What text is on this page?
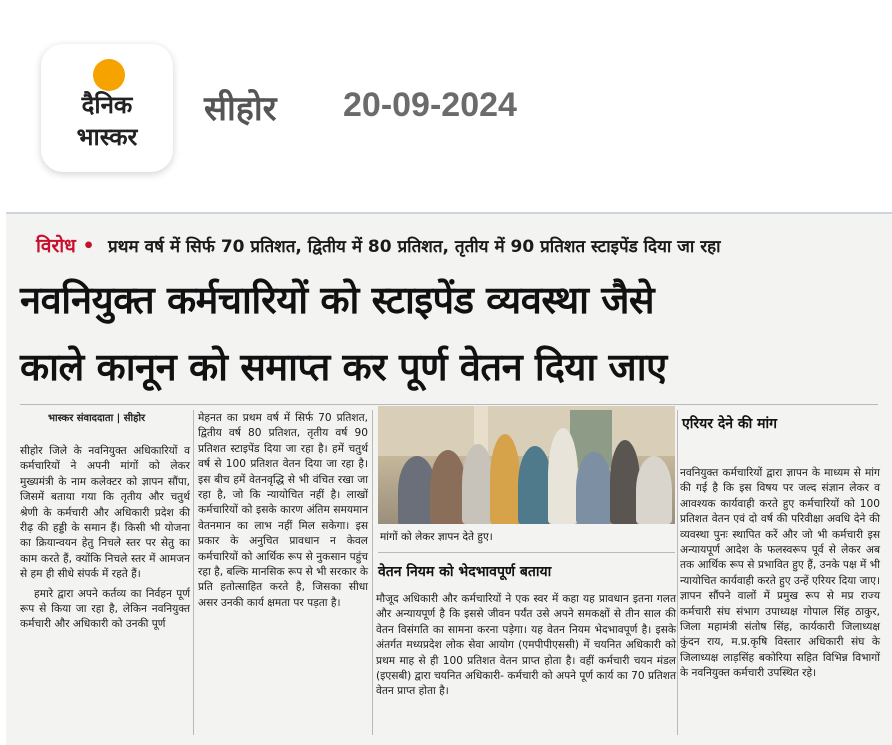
दैनिक
भास्कर
सीहोर 20-09-2024
विरोध • प्रथम वर्ष में सिर्फ 70 प्रतिशत, द्वितीय में 80 प्रतिशत, तृतीय में 90 प्रतिशत स्टाइपेंड दिया जा रहा
नवनियुक्त कर्मचारियों को स्टाइपेंड व्यवस्था जैसे
काले कानून को समाप्त कर पूर्ण वेतन दिया जाए
भास्कर संवाददाता | सीहोर

सीहोर जिले के नवनियुक्त अधिकारियों व कर्मचारियों ने अपनी मांगों को लेकर मुख्यमंत्री के नाम कलेक्टर को ज्ञापन सौंपा, जिसमें बताया गया कि तृतीय और चतुर्थ श्रेणी के कर्मचारी और अधिकारी प्रदेश की रीढ़ की हड्डी के समान हैं। किसी भी योजना का क्रियान्वयन हेतु निचले स्तर पर सेतु का काम करते हैं, क्योंकि निचले स्तर में आमजन से हम ही सीधे संपर्क में रहते हैं।

हमारे द्वारा अपने कर्तव्य का निर्वहन पूर्ण रूप से किया जा रहा है, लेकिन नवनियुक्त कर्मचारी और अधिकारी को उनकी पूर्ण

मेहनत का प्रथम वर्ष में सिर्फ 70 प्रतिशत, द्वितीय वर्ष 80 प्रतिशत, तृतीय वर्ष 90 प्रतिशत स्टाइपेंड दिया जा रहा है। हमें चतुर्थ वर्ष से 100 प्रतिशत वेतन दिया जा रहा है। इस बीच हमें वेतनवृद्धि से भी वंचित रखा जा रहा है, जो कि न्यायोचित नहीं है। लाखों कर्मचारियों को इसके कारण अंतिम समयमान वेतनमान का लाभ नहीं मिल सकेगा। इस प्रकार के अनुचित प्रावधान न केवल कर्मचारियों को आर्थिक रूप से नुकसान पहुंच रहा है, बल्कि मानसिक रूप से भी सरकार के प्रति हतोत्साहित करते है, जिसका सीधा असर उनकी कार्य क्षमता पर पड़ता है।

मांगों को लेकर ज्ञापन देते हुए।
वेतन नियम को भेदभावपूर्ण बताया

मौजूद अधिकारी और कर्मचारियों ने एक स्वर में कहा यह प्रावधान इतना गलत और अन्यायपूर्ण है कि इससे जीवन पर्यंत उसे अपने समकक्षों से तीन साल की वेतन विसंगति का सामना करना पड़ेगा। यह वेतन नियम भेदभावपूर्ण है। इसके अंतर्गत मध्यप्रदेश लोक सेवा आयोग (एमपीपीएससी) में चयनित अधिकारी को प्रथम माह से ही 100 प्रतिशत वेतन प्राप्त होता है। वहीं कर्मचारी चयन मंडल (इएसबी) द्वारा चयनित अधिकारी- कर्मचारी को अपने पूर्ण कार्य का 70 प्रतिशत वेतन प्राप्त होता है।

एरियर देने की मांग

नवनियुक्त कर्मचारियों द्वारा ज्ञापन के माध्यम से मांग की गई है कि इस विषय पर जल्द संज्ञान लेकर व आवश्यक कार्यवाही करते हुए कर्मचारियों को 100 प्रतिशत वेतन एवं दो वर्ष की परिवीक्षा अवधि देने की व्यवस्था पुनः स्थापित करें और जो भी कर्मचारी इस अन्यायपूर्ण आदेश के फलस्वरूप पूर्व से लेकर अब तक आर्थिक रूप से प्रभावित हुए हैं, उनके पक्ष में भी न्यायोचित कार्यवाही करते हुए उन्हें एरियर दिया जाए। ज्ञापन सौंपने वालों में प्रमुख रूप से मप्र राज्य कर्मचारी संघ संभाग उपाध्यक्ष गोपाल सिंह ठाकुर, जिला महामंत्री संतोष सिंह, कार्यकारी जिलाध्यक्ष कुंदन राय, म.प्र.कृषि विस्तार अधिकारी संघ के जिलाध्यक्ष लाड़सिंह बकोरिया सहित विभिन्न विभागों के नवनियुक्त कर्मचारी उपस्थित रहे।
